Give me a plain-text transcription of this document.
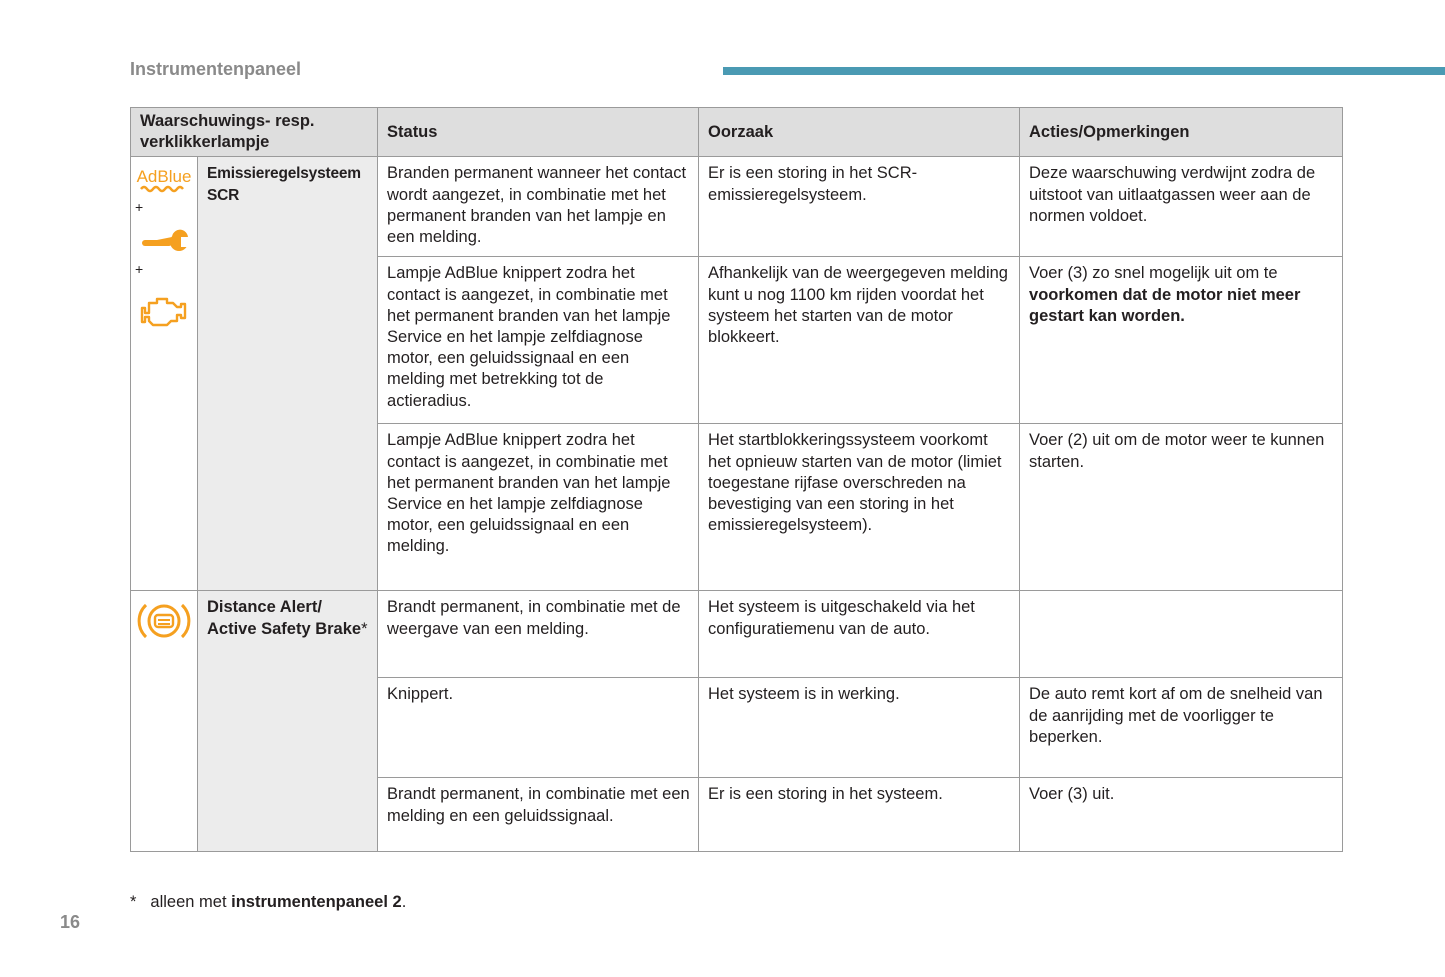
Instrumentenpaneel
Waarschuwings- resp. verklikkerlampje		Status	Oorzaak	Acties/Opmerkingen

AdBlue
+
+	Emissieregelsysteem SCR	Branden permanent wanneer het contact wordt aangezet, in combinatie met het permanent branden van het lampje en een melding.	Er is een storing in het SCR-emissieregelsysteem.	Deze waarschuwing verdwijnt zodra de uitstoot van uitlaatgassen weer aan de normen voldoet.
		Lampje AdBlue knippert zodra het contact is aangezet, in combinatie met het permanent branden van het lampje Service en het lampje zelfdiagnose motor, een geluidssignaal en een melding met betrekking tot de actieradius.	Afhankelijk van de weergegeven melding kunt u nog 1100 km rijden voordat het systeem het starten van de motor blokkeert.	Voer (3) zo snel mogelijk uit om te voorkomen dat de motor niet meer gestart kan worden.
		Lampje AdBlue knippert zodra het contact is aangezet, in combinatie met het permanent branden van het lampje Service en het lampje zelfdiagnose motor, een geluidssignaal en een melding.	Het startblokkeringssysteem voorkomt het opnieuw starten van de motor (limiet toegestane rijfase overschreden na bevestiging van een storing in het emissieregelsysteem).	Voer (2) uit om de motor weer te kunnen starten.

	Distance Alert/ Active Safety Brake*	Brandt permanent, in combinatie met de weergave van een melding.	Het systeem is uitgeschakeld via het configuratiemenu van de auto.	
		Knippert.	Het systeem is in werking.	De auto remt kort af om de snelheid van de aanrijding met de voorligger te beperken.
		Brandt permanent, in combinatie met een melding en een geluidssignaal.	Er is een storing in het systeem.	Voer (3) uit.
* alleen met instrumentenpaneel 2.
16
